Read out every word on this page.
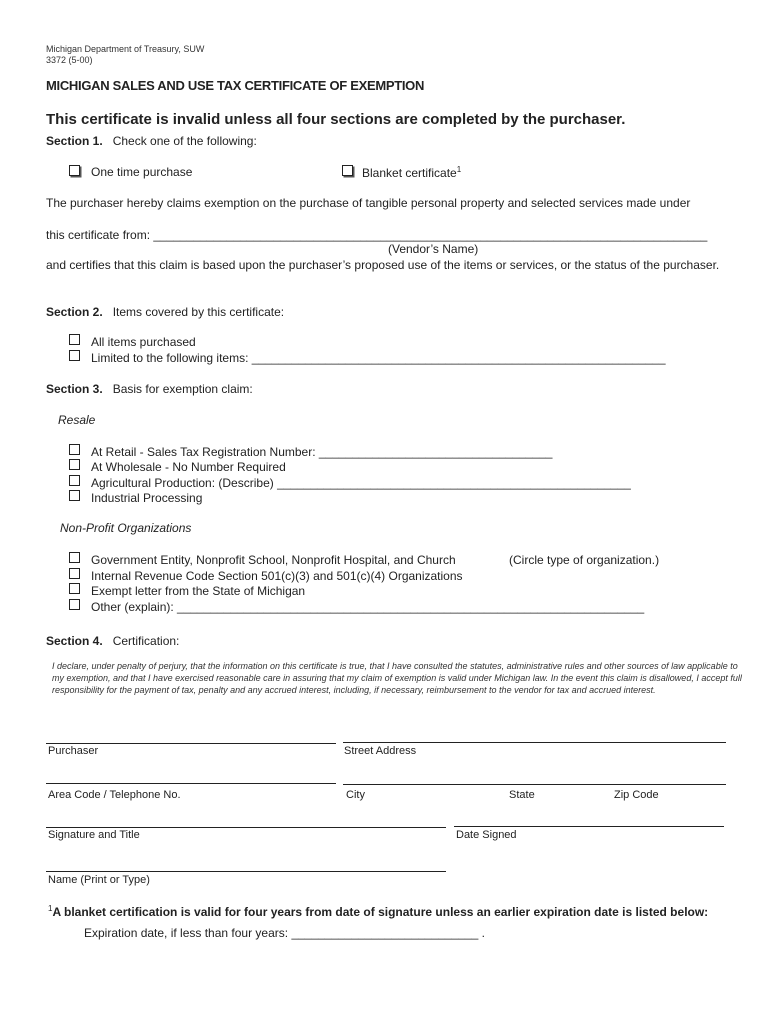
Michigan Department of Treasury, SUW
3372 (5-00)
MICHIGAN SALES AND USE TAX CERTIFICATE OF EXEMPTION
This certificate is invalid unless all four sections are completed by the purchaser.
Section 1. Check one of the following:
One time purchase	Blanket certificate$^1$
The purchaser hereby claims exemption on the purchase of tangible personal property and selected services made under
this certificate from: ___________________________________________________________________________________
(Vendor’s Name)
and certifies that this claim is based upon the purchaser’s proposed use of the items or services, or the status of the purchaser.
Section 2. Items covered by this certificate:
All items purchased
Limited to the following items: ______________________________________________________________
Section 3. Basis for exemption claim:
Resale
At Retail - Sales Tax Registration Number: ___________________________________
At Wholesale - No Number Required
Agricultural Production: (Describe) _____________________________________________________
Industrial Processing
Non-Profit Organizations
Government Entity, Nonprofit School, Nonprofit Hospital, and Church	(Circle type of organization.)
Internal Revenue Code Section 501(c)(3) and 501(c)(4) Organizations
Exempt letter from the State of Michigan
Other (explain): ______________________________________________________________________
Section 4. Certification:
I declare, under penalty of perjury, that the information on this certificate is true, that I have consulted the statutes, administrative rules and other sources of law applicable to my exemption, and that I have exercised reasonable care in assuring that my claim of exemption is valid under Michigan law. In the event this claim is disallowed, I accept full responsibility for the payment of tax, penalty and any accrued interest, including, if necessary, reimbursement to the vendor for tax and accrued interest.
Purchaser	Street Address
Area Code / Telephone No.	City	State	Zip Code
Signature and Title	Date Signed
Name (Print or Type)
$^1$A blanket certification is valid for four years from date of signature unless an earlier expiration date is listed below:
Expiration date, if less than four years: ____________________________ .
